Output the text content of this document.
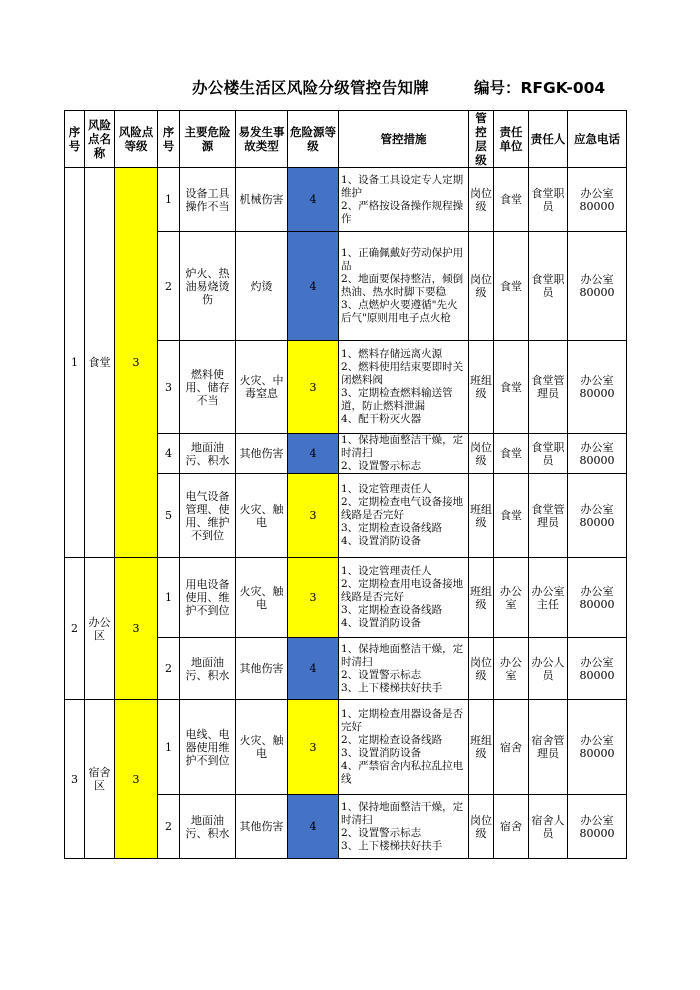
办公楼生活区风险分级管控告知牌	编号：RFGK-004
序号	风险点名称	风险点等级	序号	主要危险源	易发生事故类型	危险源等级	管控措施	管控层级	责任单位	责任人	应急电话
1	食堂	3	1	设备工具操作不当	机械伤害	4	1、设备工具设定专人定期维护
2、严格按设备操作规程操作	岗位级	食堂	食堂职员	办公室80000
			2	炉火、热油易烧烫伤	灼烫	4	1、正确佩戴好劳动保护用品
2、地面要保持整洁，倾倒热油、热水时脚下要稳
3、点燃炉火要遵循"先火后气"原则用电子点火枪	岗位级	食堂	食堂职员	办公室80000
			3	燃料使用、储存不当	火灾、中毒窒息	3	1、燃料存储远离火源
2、燃料使用结束要即时关闭燃料阀
3、定期检查燃料输送管道，防止燃料泄漏
4、配干粉灭火器	班组级	食堂	食堂管理员	办公室80000
			4	地面油污、积水	其他伤害	4	1、保持地面整洁干燥，定时清扫
2、设置警示标志	岗位级	食堂	食堂职员	办公室80000
			5	电气设备管理、使用、维护不到位	火灾、触电	3	1、设定管理责任人
2、定期检查电气设备接地线路是否完好
3、定期检查设备线路
4、设置消防设备	班组级	食堂	食堂管理员	办公室80000
2	办公区	3	1	用电设备使用、维护不到位	火灾、触电	3	1、设定管理责任人
2、定期检查用电设备接地线路是否完好
3、定期检查设备线路
4、设置消防设备	班组级	办公室	办公室主任	办公室80000
			2	地面油污、积水	其他伤害	4	1、保持地面整洁干燥，定时清扫
2、设置警示标志
3、上下楼梯扶好扶手	岗位级	办公室	办公人员	办公室80000
3	宿舍区	3	1	电线、电器使用维护不到位	火灾、触电	3	1、定期检查用器设备是否完好
2、定期检查设备线路
3、设置消防设备
4、严禁宿舍内私拉乱拉电线	班组级	宿舍	宿舍管理员	办公室80000
			2	地面油污、积水	其他伤害	4	1、保持地面整洁干燥，定时清扫
2、设置警示标志
3、上下楼梯扶好扶手	岗位级	宿舍	宿舍人员	办公室80000
